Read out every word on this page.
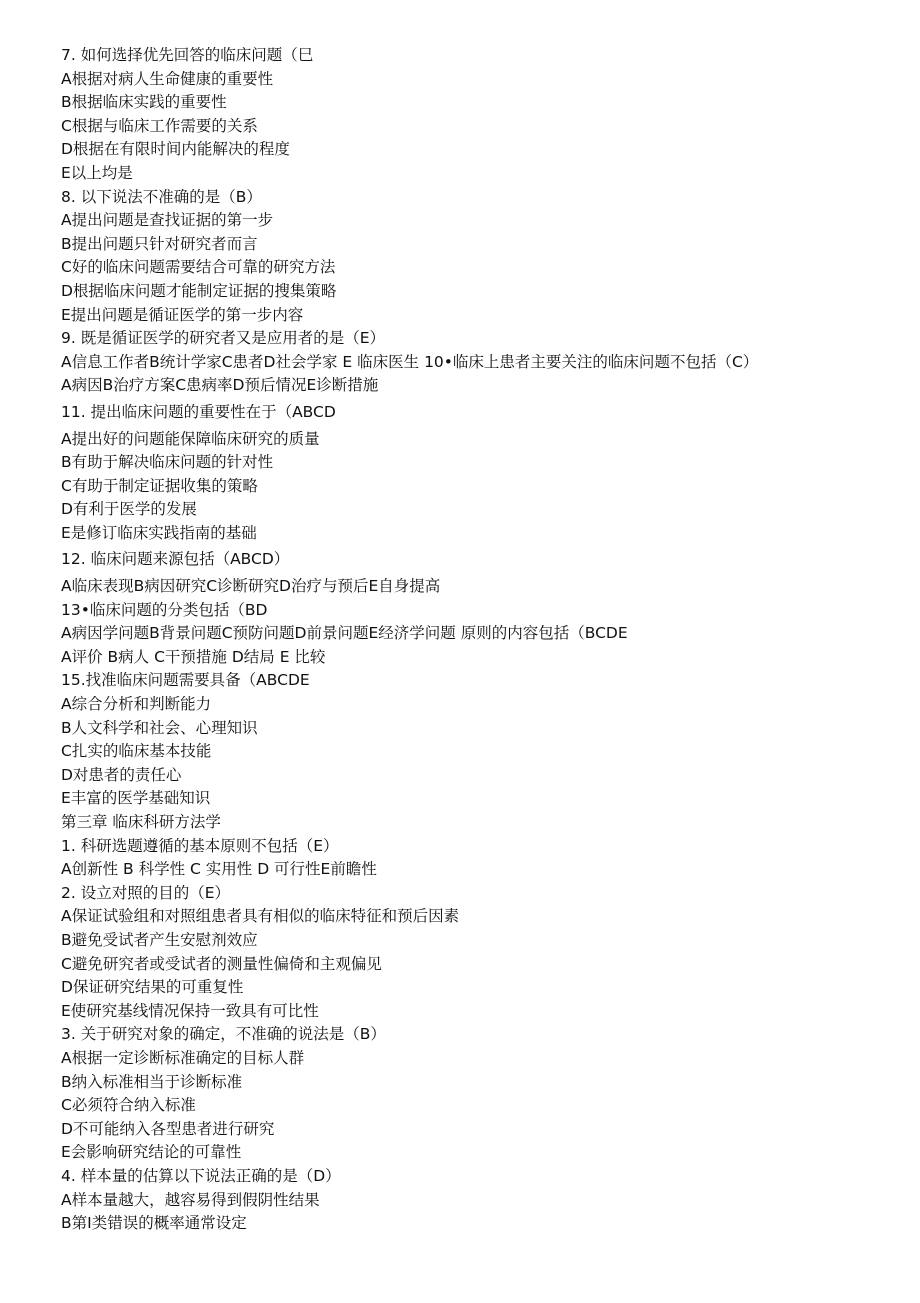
7. 如何选择优先回答的临床问题（巳
A根据对病人生命健康的重要性
B根据临床实践的重要性
C根据与临床工作需要的关系
D根据在有限时间内能解决的程度
E以上均是
8. 以下说法不准确的是（B）
A提出问题是查找证据的第一步
B提出问题只针对研究者而言
C好的临床问题需要结合可靠的研究方法
D根据临床问题才能制定证据的搜集策略
E提出问题是循证医学的第一步内容
9. 既是循证医学的研究者又是应用者的是（E）
A信息工作者B统计学家C患者D社会学家 E 临床医生 10•临床上患者主要关注的临床问题不包括（C）
A病因B治疗方案C患病率D预后情况E诊断措施
11. 提出临床问题的重要性在于（ABCD
A提出好的问题能保障临床研究的质量
B有助于解决临床问题的针对性
C有助于制定证据收集的策略
D有利于医学的发展
E是修订临床实践指南的基础
12. 临床问题来源包括（ABCD）
A临床表现B病因研究C诊断研究D治疗与预后E自身提高
13•临床问题的分类包括（BD
A病因学问题B背景问题C预防问题D前景问题E经济学问题 原则的内容包括（BCDE
A评价 B病人 C干预措施 D结局 E 比较
15.找准临床问题需要具备（ABCDE
A综合分析和判断能力
B人文科学和社会、心理知识
C扎实的临床基本技能
D对患者的责任心
E丰富的医学基础知识
第三章 临床科研方法学
1. 科研选题遵循的基本原则不包括（E）
A创新性 B 科学性 C 实用性 D 可行性E前瞻性
2. 设立对照的目的（E）
A保证试验组和对照组患者具有相似的临床特征和预后因素
B避免受试者产生安慰剂效应
C避免研究者或受试者的测量性偏倚和主观偏见
D保证研究结果的可重复性
E使研究基线情况保持一致具有可比性
3. 关于研究对象的确定，不准确的说法是（B）
A根据一定诊断标准确定的目标人群
B纳入标准相当于诊断标准
C必须符合纳入标准
D不可能纳入各型患者进行研究
E会影响研究结论的可靠性
4. 样本量的估算以下说法正确的是（D）
A样本量越大，越容易得到假阴性结果
B第I类错误的概率通常设定
